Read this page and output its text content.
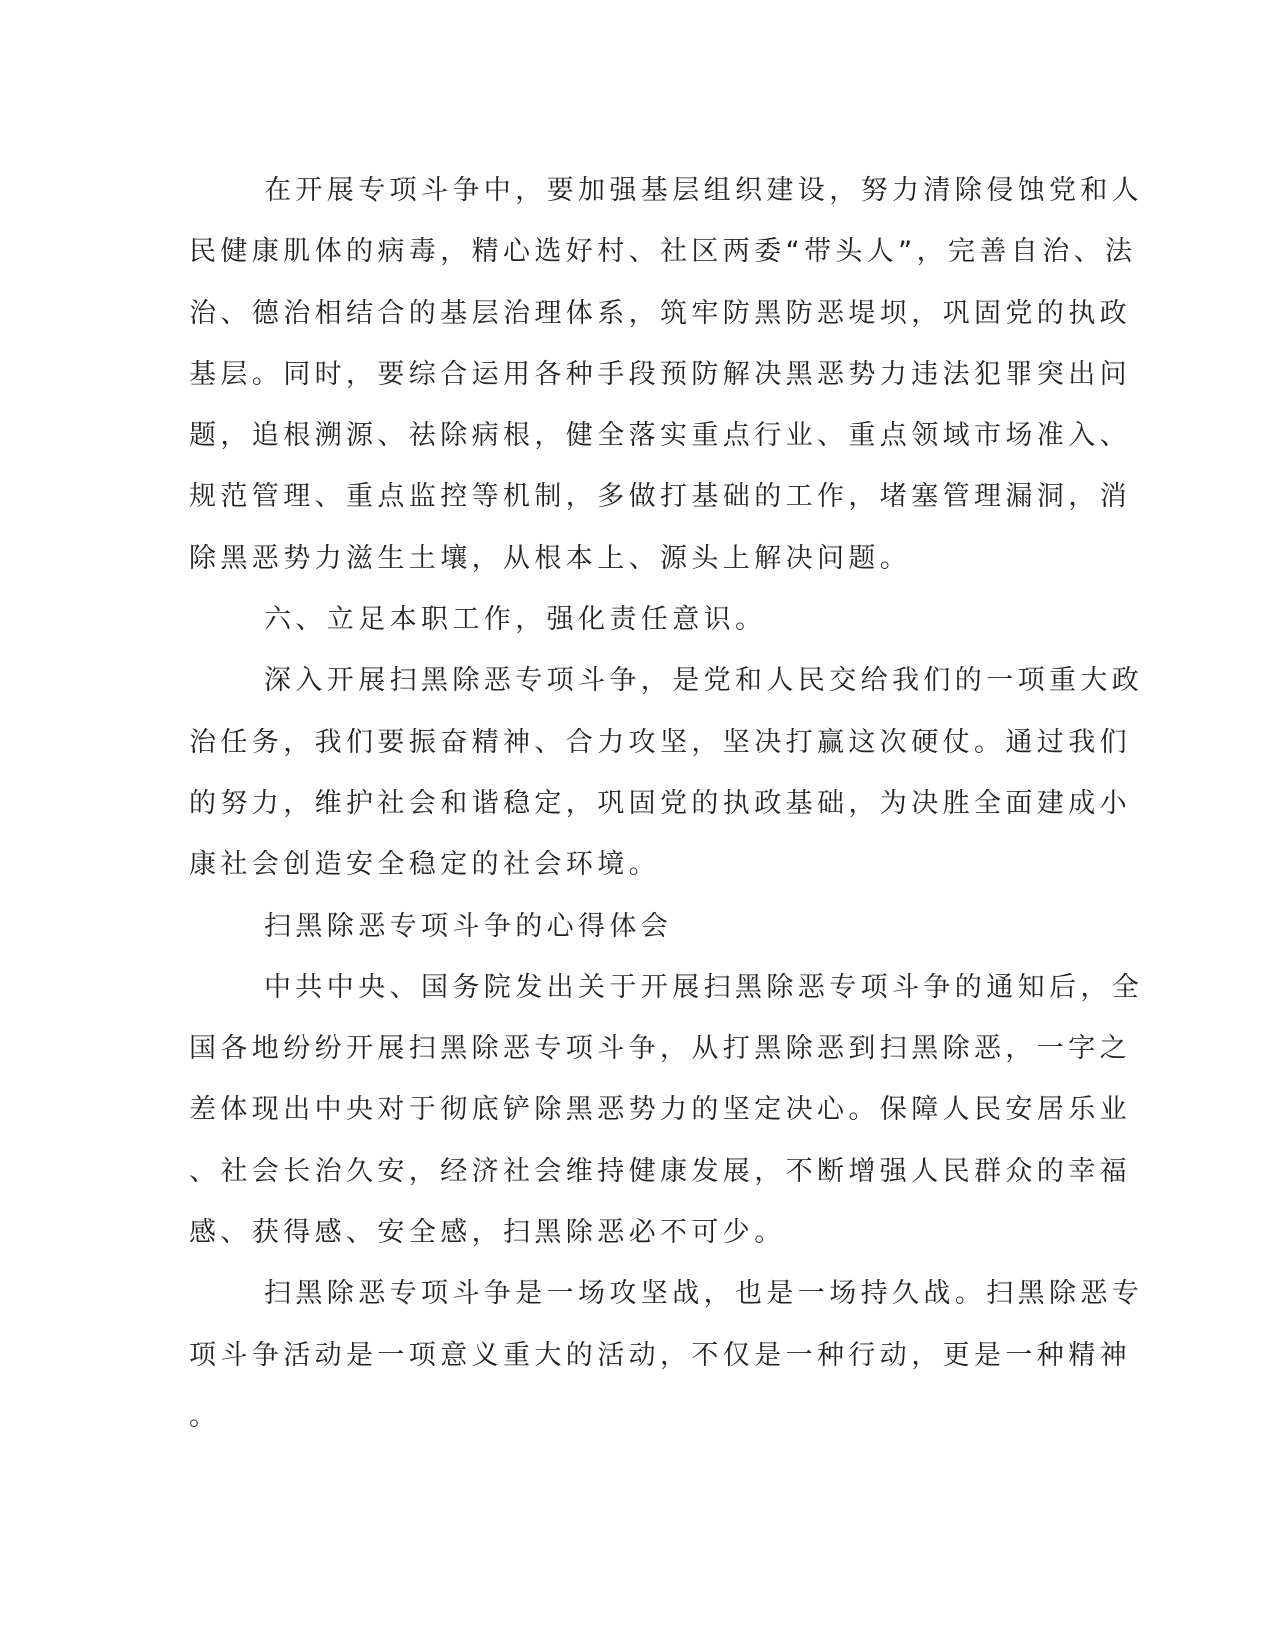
在开展专项斗争中，要加强基层组织建设，努力清除侵蚀党和人
民健康肌体的病毒，精心选好村、社区两委“带头人”，完善自治、法
治、德治相结合的基层治理体系，筑牢防黑防恶堤坝，巩固党的执政
基层。同时，要综合运用各种手段预防解决黑恶势力违法犯罪突出问
题，追根溯源、祛除病根，健全落实重点行业、重点领域市场准入、
规范管理、重点监控等机制，多做打基础的工作，堵塞管理漏洞，消
除黑恶势力滋生土壤，从根本上、源头上解决问题。
六、立足本职工作，强化责任意识。
深入开展扫黑除恶专项斗争，是党和人民交给我们的一项重大政
治任务，我们要振奋精神、合力攻坚，坚决打赢这次硬仗。通过我们
的努力，维护社会和谐稳定，巩固党的执政基础，为决胜全面建成小
康社会创造安全稳定的社会环境。
扫黑除恶专项斗争的心得体会
中共中央、国务院发出关于开展扫黑除恶专项斗争的通知后，全
国各地纷纷开展扫黑除恶专项斗争，从打黑除恶到扫黑除恶，一字之
差体现出中央对于彻底铲除黑恶势力的坚定决心。保障人民安居乐业
、社会长治久安，经济社会维持健康发展，不断增强人民群众的幸福
感、获得感、安全感，扫黑除恶必不可少。
扫黑除恶专项斗争是一场攻坚战，也是一场持久战。扫黑除恶专
项斗争活动是一项意义重大的活动，不仅是一种行动，更是一种精神
。
